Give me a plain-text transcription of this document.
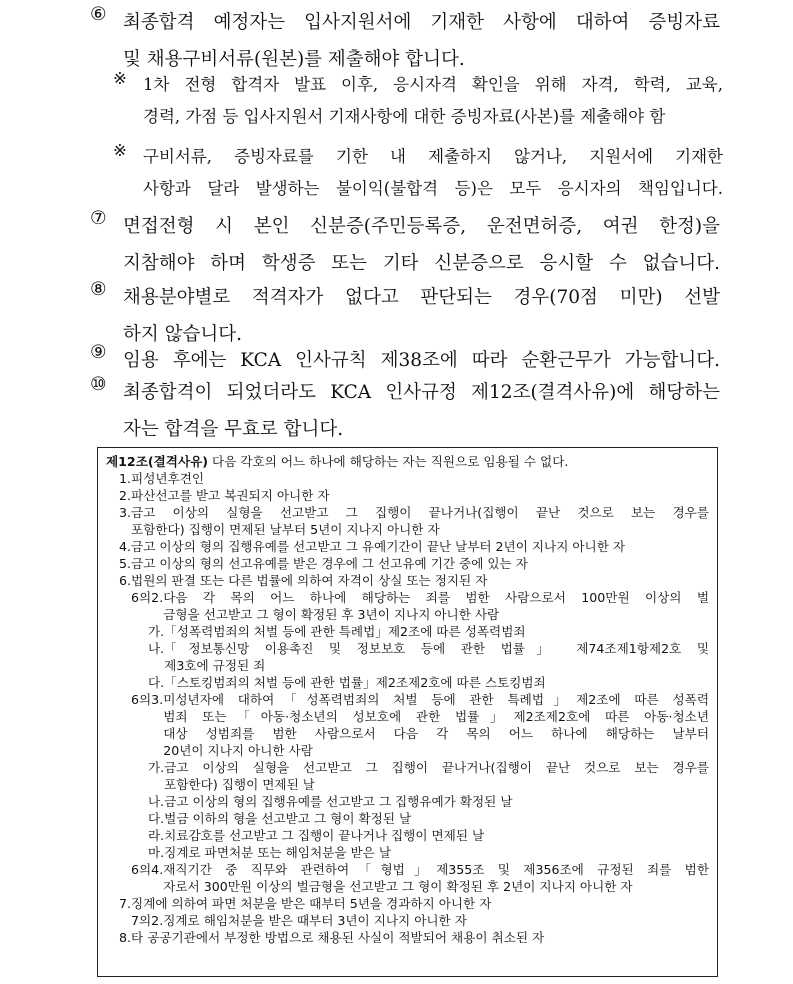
⑥ 최종합격 예정자는 입사지원서에 기재한 사항에 대하여 증빙자료
및 채용구비서류(원본)를 제출해야 합니다.
※ 1차 전형 합격자 발표 이후, 응시자격 확인을 위해 자격, 학력, 교육,
경력, 가점 등 입사지원서 기재사항에 대한 증빙자료(사본)를 제출해야 함
※ 구비서류, 증빙자료를 기한 내 제출하지 않거나, 지원서에 기재한
사항과 달라 발생하는 불이익(불합격 등)은 모두 응시자의 책임입니다.
⑦ 면접전형 시 본인 신분증(주민등록증, 운전면허증, 여권 한정)을
지참해야 하며 학생증 또는 기타 신분증으로 응시할 수 없습니다.
⑧ 채용분야별로 적격자가 없다고 판단되는 경우(70점 미만) 선발
하지 않습니다.
⑨ 임용 후에는 KCA 인사규칙 제38조에 따라 순환근무가 가능합니다.
⑩ 최종합격이 되었더라도 KCA 인사규정 제12조(결격사유)에 해당하는
자는 합격을 무효로 합니다.
제12조(결격사유) 다음 각호의 어느 하나에 해당하는 자는 직원으로 임용될 수 없다.
1. 피성년후견인
2. 파산선고를 받고 복권되지 아니한 자
3. 금고 이상의 실형을 선고받고 그 집행이 끝나거나(집행이 끝난 것으로 보는 경우를
포함한다) 집행이 면제된 날부터 5년이 지나지 아니한 자
4. 금고 이상의 형의 집행유예를 선고받고 그 유예기간이 끝난 날부터 2년이 지나지 아니한 자
5. 금고 이상의 형의 선고유예를 받은 경우에 그 선고유예 기간 중에 있는 자
6. 법원의 판결 또는 다른 법률에 의하여 자격이 상실 또는 정지된 자
6의2. 다음 각 목의 어느 하나에 해당하는 죄를 범한 사람으로서 100만원 이상의 벌
금형을 선고받고 그 형이 확정된 후 3년이 지나지 아니한 사람
가. 「성폭력범죄의 처벌 등에 관한 특례법」제2조에 따른 성폭력범죄
나. 「정보통신망 이용촉진 및 정보보호 등에 관한 법률」 제74조제1항제2호 및
제3호에 규정된 죄
다. 「스토킹범죄의 처벌 등에 관한 법률」제2조제2호에 따른 스토킹범죄
6의3. 미성년자에 대하여「성폭력범죄의 처벌 등에 관한 특례법」제2조에 따른 성폭력
범죄 또는「아동·청소년의 성보호에 관한 법률」제2조제2호에 따른 아동·청소년
대상 성범죄를 범한 사람으로서 다음 각 목의 어느 하나에 해당하는 날부터
20년이 지나지 아니한 사람
가. 금고 이상의 실형을 선고받고 그 집행이 끝나거나(집행이 끝난 것으로 보는 경우를
포함한다) 집행이 면제된 날
나. 금고 이상의 형의 집행유예를 선고받고 그 집행유예가 확정된 날
다. 벌금 이하의 형을 선고받고 그 형이 확정된 날
라. 치료감호를 선고받고 그 집행이 끝나거나 집행이 면제된 날
마. 징계로 파면처분 또는 해임처분을 받은 날
6의4. 재직기간 중 직무와 관련하여「형법」제355조 및 제356조에 규정된 죄를 범한
자로서 300만원 이상의 벌금형을 선고받고 그 형이 확정된 후 2년이 지나지 아니한 자
7. 징계에 의하여 파면 처분을 받은 때부터 5년을 경과하지 아니한 자
7의2. 징계로 해임처분을 받은 때부터 3년이 지나지 아니한 자
8. 타 공공기관에서 부정한 방법으로 채용된 사실이 적발되어 채용이 취소된 자
